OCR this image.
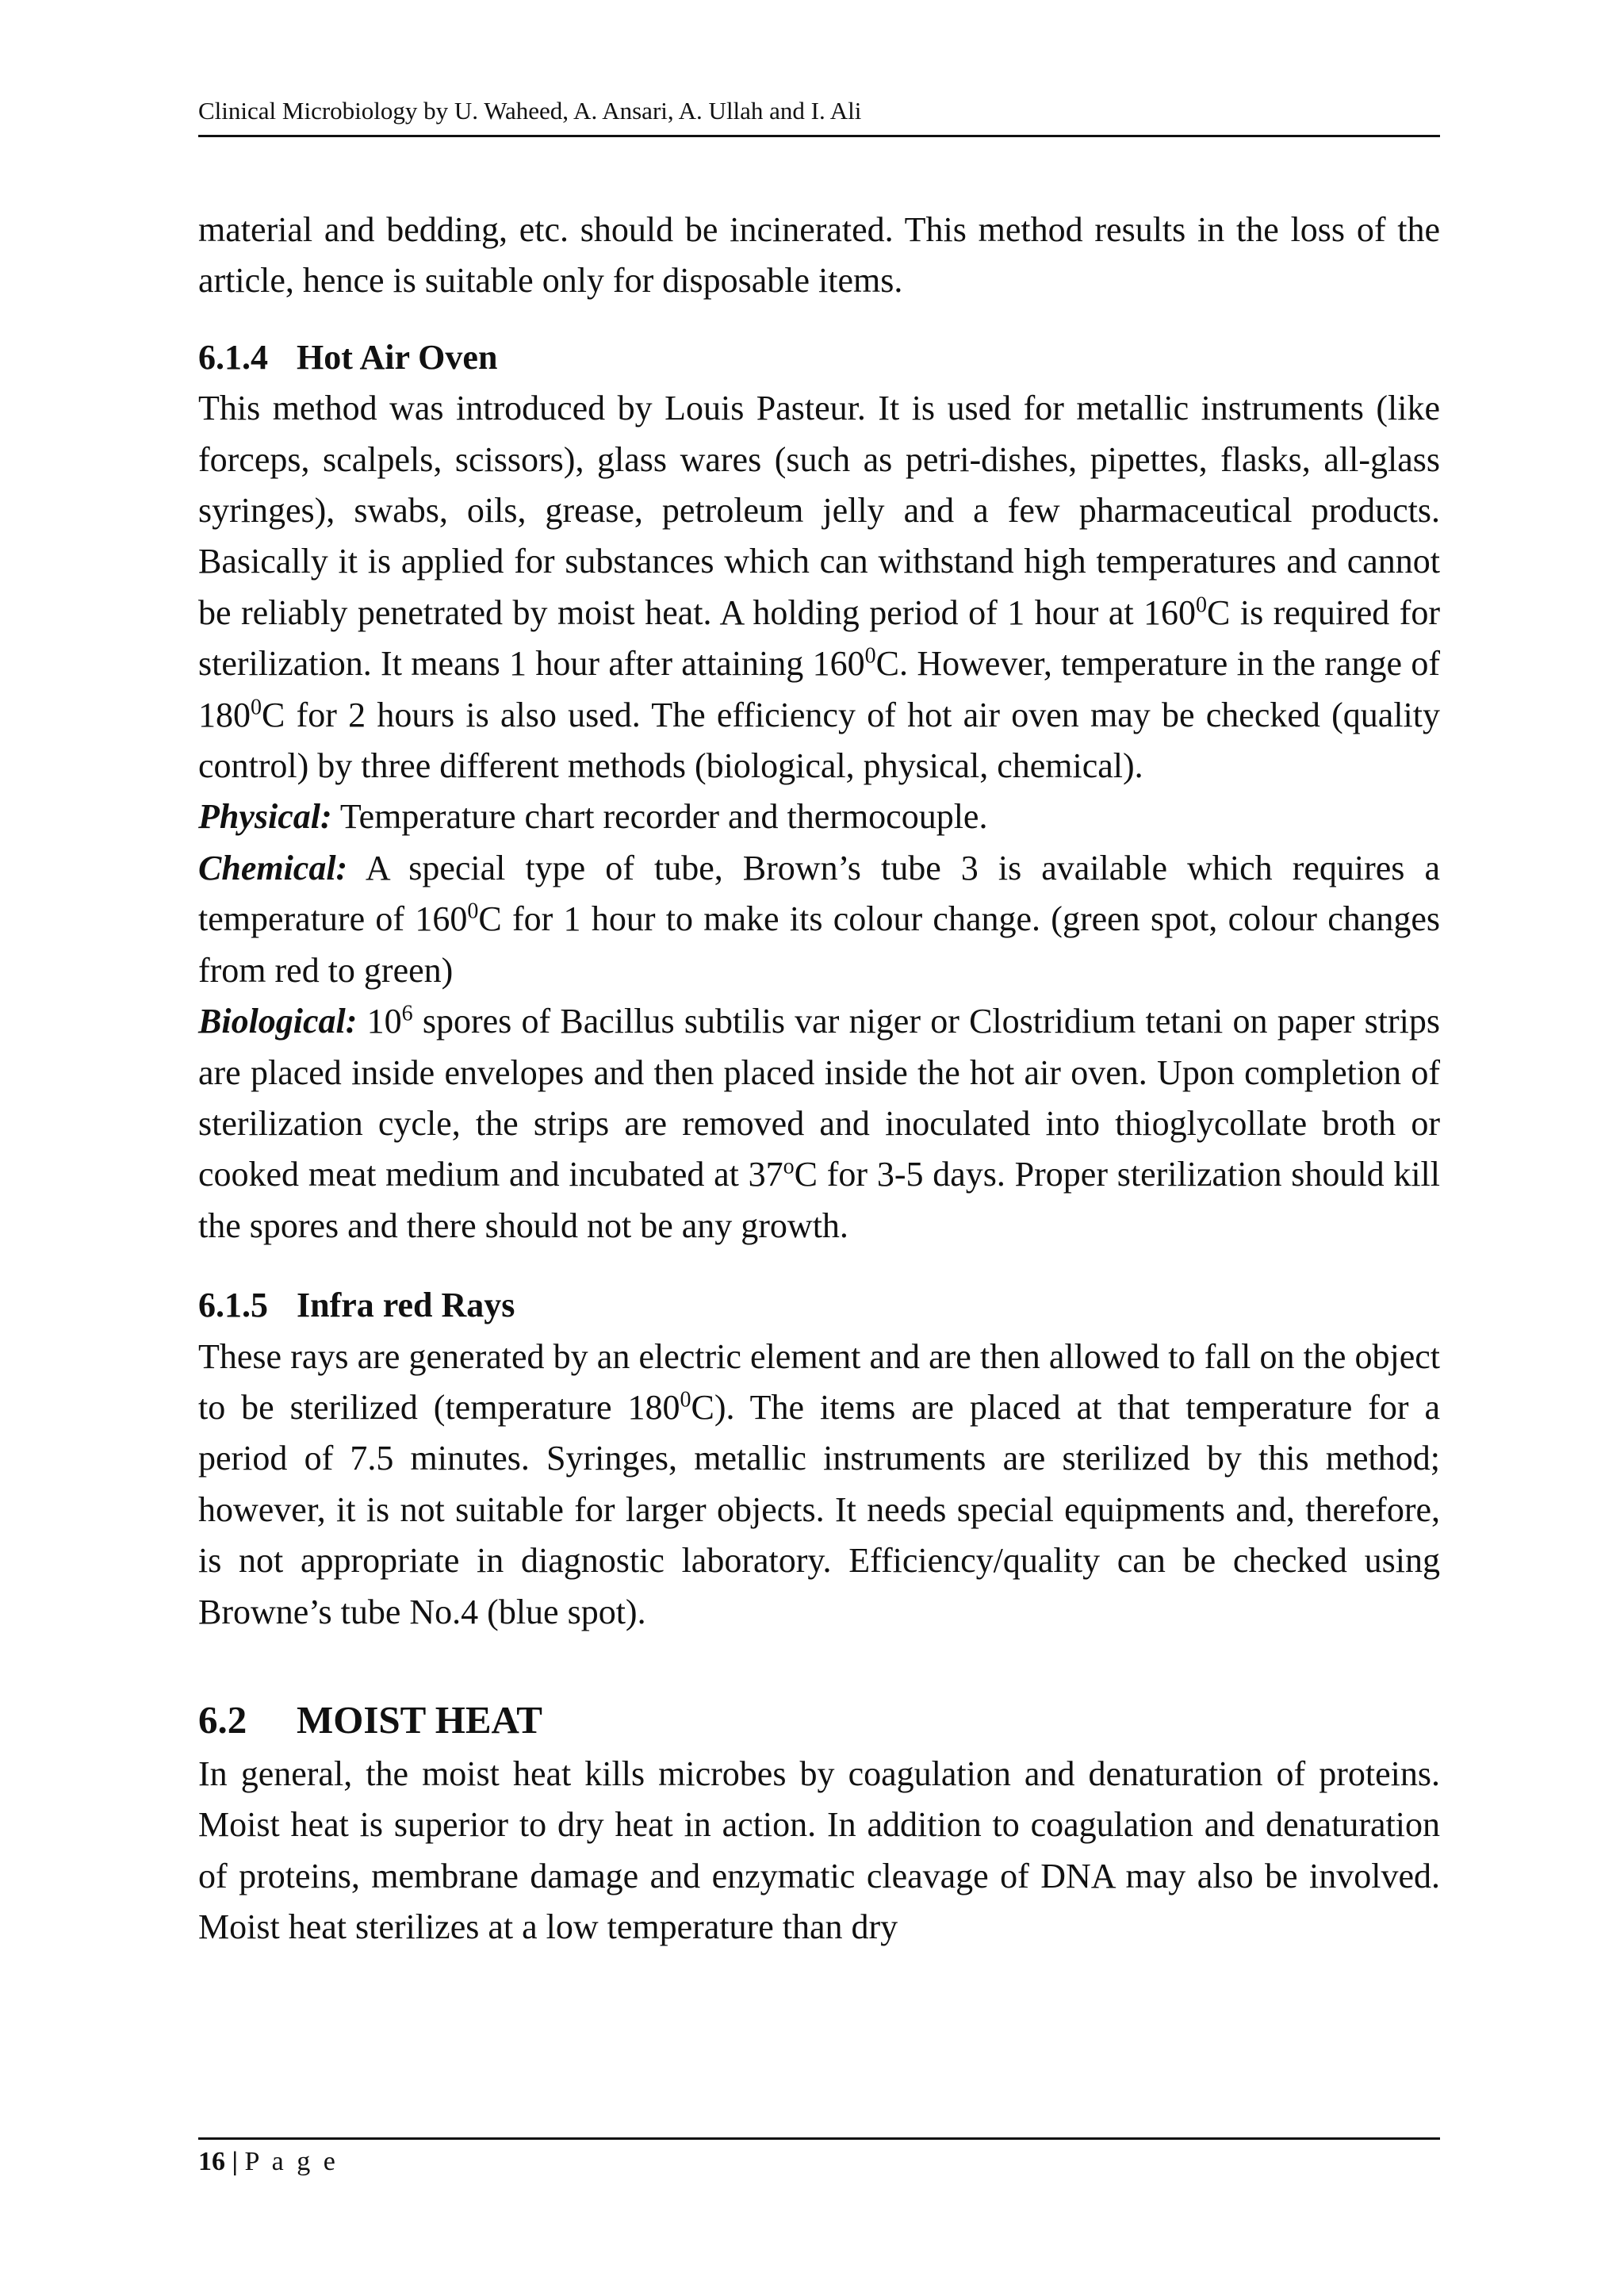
Clinical Microbiology by U. Waheed, A. Ansari, A. Ullah and I. Ali

material and bedding, etc. should be incinerated. This method results in the loss of the article, hence is suitable only for disposable items.

6.1.4 Hot Air Oven

This method was introduced by Louis Pasteur. It is used for metallic instruments (like forceps, scalpels, scissors), glass wares (such as petri-dishes, pipettes, flasks, all-glass syringes), swabs, oils, grease, petroleum jelly and a few pharmaceutical products. Basically it is applied for substances which can withstand high temperatures and cannot be reliably penetrated by moist heat. A holding period of 1 hour at $160^0C$ is required for sterilization. It means 1 hour after attaining $160^0C$. However, temperature in the range of $180^0C$ for 2 hours is also used. The efficiency of hot air oven may be checked (quality control) by three different methods (biological, physical, chemical).

Physical: Temperature chart recorder and thermocouple.

Chemical: A special type of tube, Brown’s tube 3 is available which requires a temperature of $160^0C$ for 1 hour to make its colour change. (green spot, colour changes from red to green)

Biological: $10^6$ spores of Bacillus subtilis var niger or Clostridium tetani on paper strips are placed inside envelopes and then placed inside the hot air oven. Upon completion of sterilization cycle, the strips are removed and inoculated into thioglycollate broth or cooked meat medium and incubated at 37$^o$C for 3-5 days. Proper sterilization should kill the spores and there should not be any growth.

6.1.5 Infra red Rays

These rays are generated by an electric element and are then allowed to fall on the object to be sterilized (temperature $180^0C$). The items are placed at that temperature for a period of 7.5 minutes. Syringes, metallic instruments are sterilized by this method; however, it is not suitable for larger objects. It needs special equipments and, therefore, is not appropriate in diagnostic laboratory. Efficiency/quality can be checked using Browne’s tube No.4 (blue spot).

6.2 MOIST HEAT

In general, the moist heat kills microbes by coagulation and denaturation of proteins. Moist heat is superior to dry heat in action. In addition to coagulation and denaturation of proteins, membrane damage and enzymatic cleavage of DNA may also be involved. Moist heat sterilizes at a low temperature than dry

16 | P a g e
